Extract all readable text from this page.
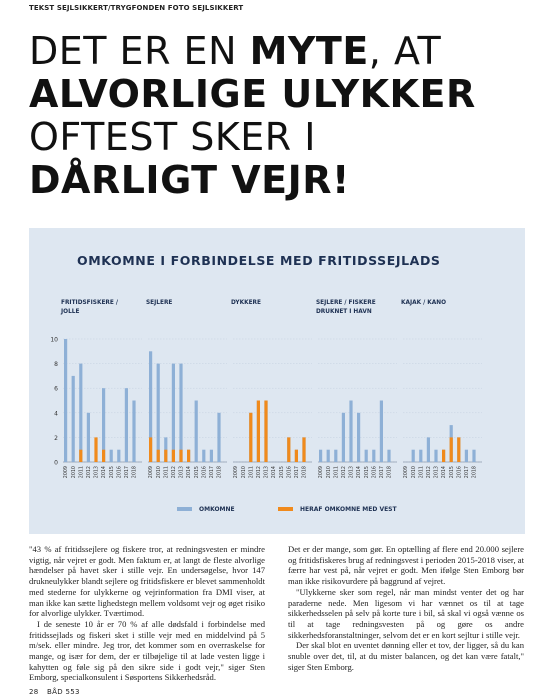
TEKST SEJLSIKKERT/TRYGFONDEN FOTO SEJLSIKKERT
DET ER EN MYTE, AT
ALVORLIGE ULYKKER
OFTEST SKER I
DÅRLIGT VEJR!
OMKOMNE I FORBINDELSE MED FRITIDSSEJLADS
0
2
4
6
8
10
FRITIDSFISKERE /
JOLLE
2009 2010 2011 2012 2013 2014 2015 2016 2017 2018
SEJLERE
2009 2010 2011 2012 2013 2014 2015 2016 2017 2018
DYKKERE
2009 2010 2011 2012 2013 2014 2015 2016 2017 2018
SEJLERE / FISKERE
DRUKNET I HAVN
2009 2010 2011 2012 2013 2014 2015 2016 2017 2018
KAJAK / KANO
2009 2010 2011 2012 2013 2014 2015 2016 2017 2018
OMKOMNE	HERAF OMKOMNE MED VEST

"43 % af fritidssejlere og fiskere tror, at redningsvesten er mindre vigtig, når vejret er godt. Men faktum er, at langt de fleste alvorlige hændelser på havet sker i stille vejr. En undersøgelse, hvor 147 drukneulykker blandt sejlere og fritidsfiskere er blevet sammenholdt med stederne for ulykkerne og vejrinformation fra DMI viser, at man ikke kan sætte lighedstegn mellem voldsomt vejr og øget risiko for alvorlige ulykker. Tværtimod.

I de seneste 10 år er 70 % af alle dødsfald i forbindelse med fritidssejlads og fiskeri sket i stille vejr med en middelvind på 5 m/sek. eller mindre. Jeg tror, det kommer som en overraskelse for mange, og især for dem, der er tilbøjelige til at lade vesten ligge i kahytten og føle sig på den sikre side i godt vejr," siger Sten Emborg, specialkonsulent i Søsportens Sikkerhedsråd.

Det er der mange, som gør. En optælling af flere end 20.000 sejlere og fritidsfiskeres brug af redningsvest i perioden 2015-2018 viser, at færre har vest på, når vejret er godt. Men ifølge Sten Emborg bør man ikke risikovurdere på baggrund af vejret.

"Ulykkerne sker som regel, når man mindst venter det og har paraderne nede. Men ligesom vi har vænnet os til at tage sikkerhedsselen på selv på korte ture i bil, så skal vi også vænne os til at tage redningsvesten på og gøre os andre sikkerhedsforanstaltninger, selvom det er en kort sejltur i stille vejr.

Der skal blot en uventet dønning eller et tov, der ligger, så du kan snuble over det, til, at du mister balancen, og det kan være fatalt," siger Sten Emborg.

28 BÅD 553
